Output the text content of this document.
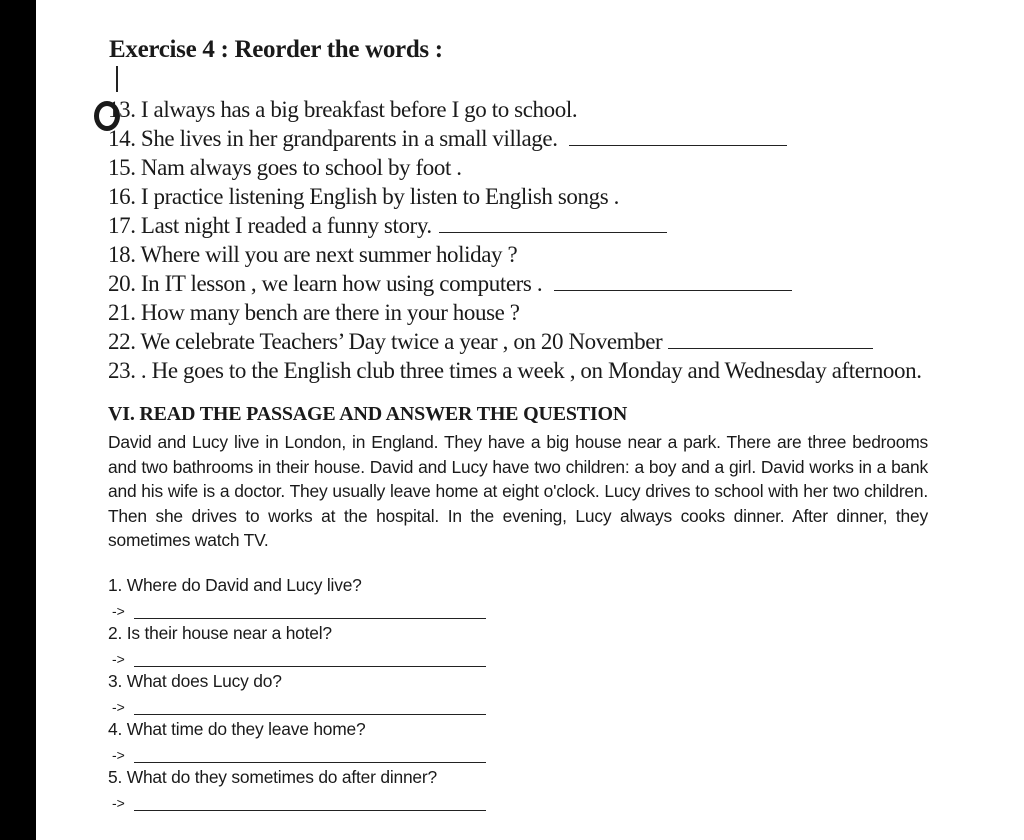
Exercise 4 : Reorder the words :
13. I always has a big breakfast before I go to school.
14. She lives in her grandparents in a small village.
15. Nam always goes to school by foot .
16. I practice listening English by listen to English songs .
17. Last night I readed a funny story.
18. Where will you are next summer holiday ?
20. In IT lesson , we learn how using computers .
21. How many bench are there in your house ?
22. We celebrate Teachers’ Day twice a year , on 20 November
23. . He goes to the English club three times a week , on Monday and Wednesday afternoon.
VI. READ THE PASSAGE AND ANSWER THE QUESTION
David and Lucy live in London, in England. They have a big house near a park. There are three bedrooms and two bathrooms in their house. David and Lucy have two children: a boy and a girl. David works in a bank and his wife is a doctor. They usually leave home at eight o'clock. Lucy drives to school with her two children. Then she drives to works at the hospital. In the evening, Lucy always cooks dinner. After dinner, they sometimes watch TV.
1. Where do David and Lucy live?
->
2. Is their house near a hotel?
->
3. What does Lucy do?
->
4. What time do they leave home?
->
5. What do they sometimes do after dinner?
->
